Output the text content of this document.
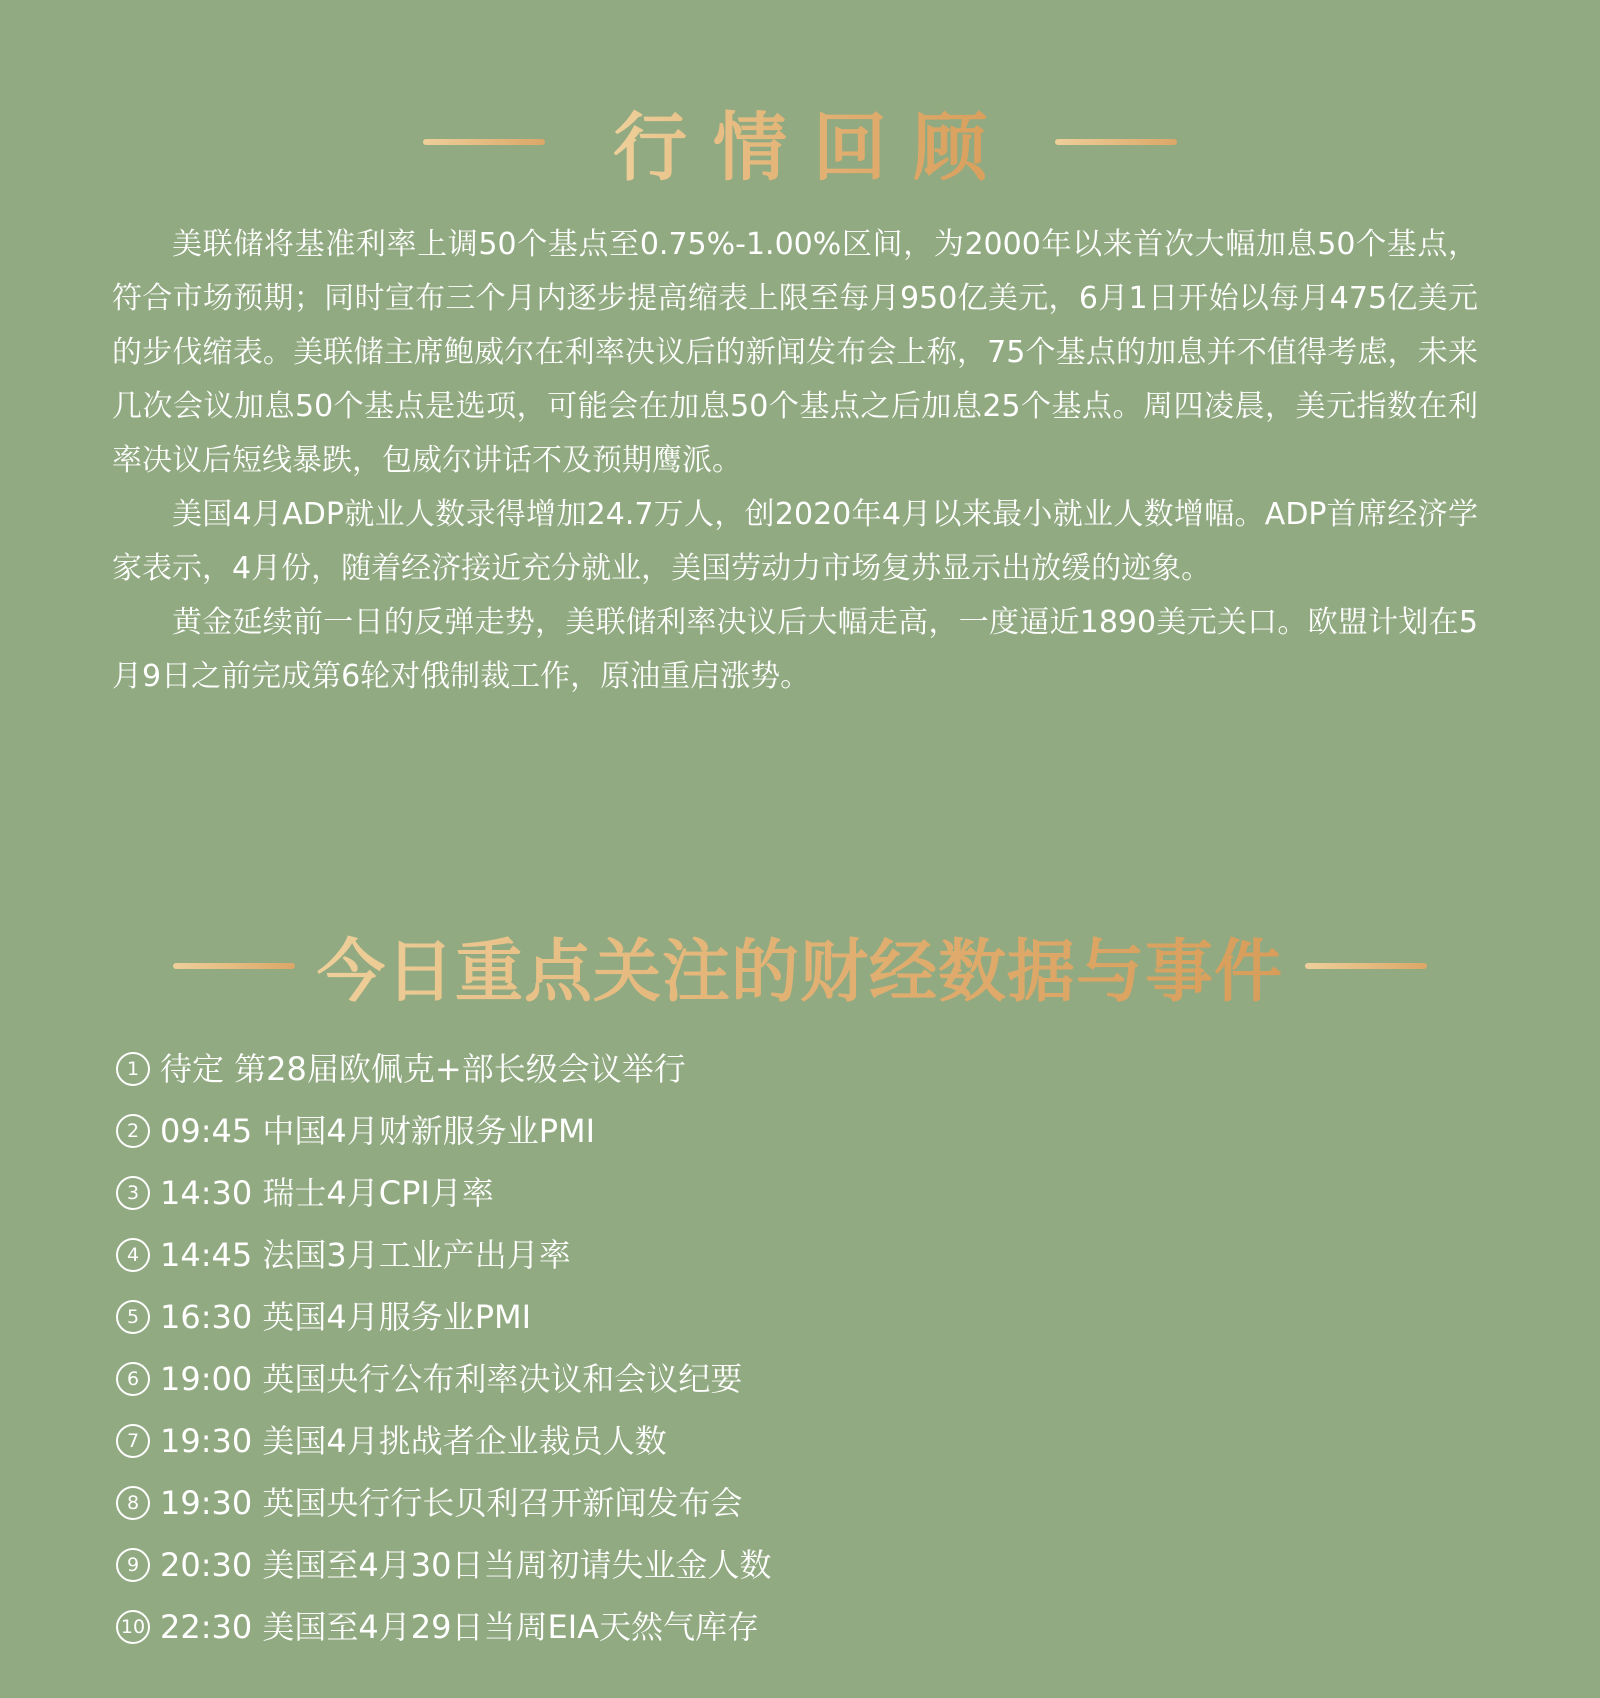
行情回顾

美联储将基准利率上调50个基点至0.75%-1.00%区间，为2000年以来首次大幅加息50个基点，符合市场预期；同时宣布三个月内逐步提高缩表上限至每月950亿美元，6月1日开始以每月475亿美元的步伐缩表。美联储主席鲍威尔在利率决议后的新闻发布会上称，75个基点的加息并不值得考虑，未来几次会议加息50个基点是选项，可能会在加息50个基点之后加息25个基点。周四凌晨，美元指数在利率决议后短线暴跌，包威尔讲话不及预期鹰派。

美国4月ADP就业人数录得增加24.7万人，创2020年4月以来最小就业人数增幅。ADP首席经济学家表示，4月份，随着经济接近充分就业，美国劳动力市场复苏显示出放缓的迹象。

黄金延续前一日的反弹走势，美联储利率决议后大幅走高，一度逼近1890美元关口。欧盟计划在5月9日之前完成第6轮对俄制裁工作，原油重启涨势。

今日重点关注的财经数据与事件
1 待定 第28届欧佩克+部长级会议举行
2 09:45 中国4月财新服务业PMI
3 14:30 瑞士4月CPI月率
4 14:45 法国3月工业产出月率
5 16:30 英国4月服务业PMI
6 19:00 英国央行公布利率决议和会议纪要
7 19:30 美国4月挑战者企业裁员人数
8 19:30 英国央行行长贝利召开新闻发布会
9 20:30 美国至4月30日当周初请失业金人数
10 22:30 美国至4月29日当周EIA天然气库存
